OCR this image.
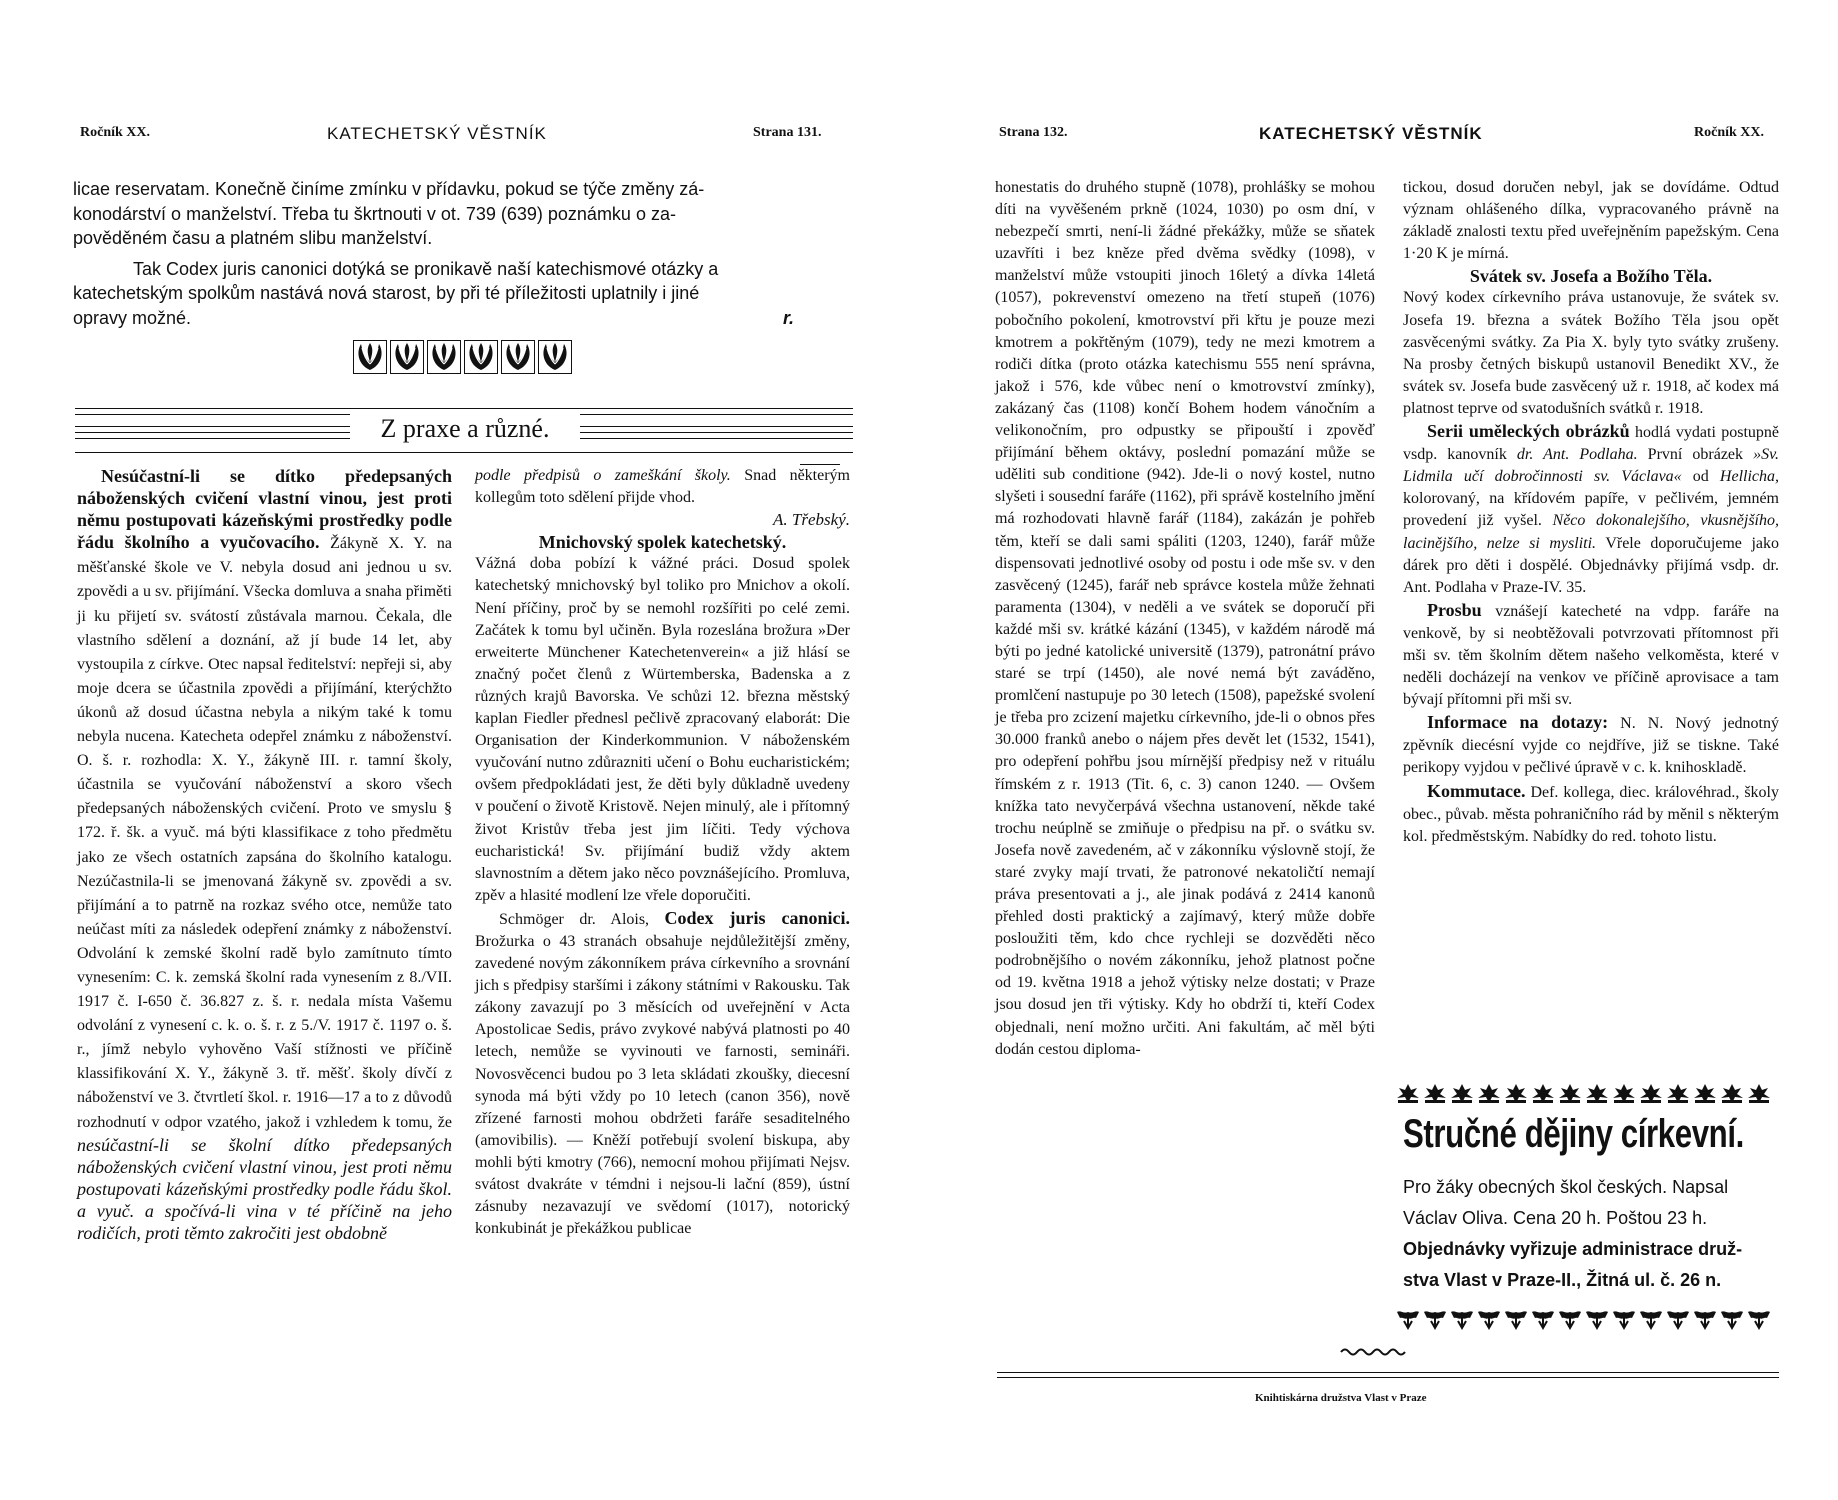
Ročník XX.	KATECHETSKÝ VĚSTNÍK	Strana 131.
licae reservatam. Konečně činíme zmínku v přídavku, pokud se týče změny zá-
konodárství o manželství. Třeba tu škrtnouti v ot. 739 (639) poznámku o za-
pověděném času a platném slibu manželství.
Tak Codex juris canonici dotýká se pronikavě naší katechismové otázky a
katechetským spolkům nastává nová starost, by při té příležitosti uplatnily i jiné
opravy možné.	r.
Z praxe a různé.

Nesúčastní-li se dítko předepsaných náboženských cvičení vlastní vinou, jest proti němu postupovati kázeňskými prostředky podle řádu školního a vyučovacího. Žákyně X. Y. na měšťanské škole ve V. nebyla dosud ani jednou u sv. zpovědi a u sv. přijímání. Všecka domluva a snaha přiměti ji ku přijetí sv. svátostí zůstávala marnou. Čekala, dle vlastního sdělení a doznání, až jí bude 14 let, aby vystoupila z církve. Otec napsal ředitelství: nepřeji si, aby moje dcera se účastnila zpovědi a přijímání, kterýchžto úkonů až dosud účastna nebyla a nikým také k tomu nebyla nucena. Katecheta odepřel známku z náboženství. O. š. r. rozhodla: X. Y., žákyně III. r. tamní školy, účastnila se vyučování náboženství a skoro všech předepsaných náboženských cvičení. Proto ve smyslu § 172. ř. šk. a vyuč. má býti klassifikace z toho předmětu jako ze všech ostatních zapsána do školního katalogu. Nezúčastnila-li se jmenovaná žákyně sv. zpovědi a sv. přijímání a to patrně na rozkaz svého otce, nemůže tato neúčast míti za následek odepření známky z náboženství. Odvolání k zemské školní radě bylo zamítnuto tímto vynesením: C. k. zemská školní rada vynesením z 8./VII. 1917 č. I-650 č. 36.827 z. š. r. nedala místa Vašemu odvolání z vynesení c. k. o. š. r. z 5./V. 1917 č. 1197 o. š. r., jímž nebylo vyhověno Vaší stížnosti ve příčině klassifikování X. Y., žákyně 3. tř. měšť. školy dívčí z náboženství ve 3. čtvrtletí škol. r. 1916—17 a to z důvodů rozhodnutí v odpor vzatého, jakož i vzhledem k tomu, že nesúčastní-li se školní dítko předepsaných náboženských cvičení vlastní vinou, jest proti němu postupovati kázeňskými prostředky podle řádu škol. a vyuč. a spočívá-li vina v té příčině na jeho rodičích, proti těmto zakročiti jest obdobně

podle předpisů o zameškání školy. Snad některým kollegům toto sdělení přijde vhod.

A. Třebský.
Mnichovský spolek katechetský.

Vážná doba pobízí k vážné práci. Dosud spolek katechetský mnichovský byl toliko pro Mnichov a okolí. Není příčiny, proč by se nemohl rozšířiti po celé zemi. Začátek k tomu byl učiněn. Byla rozeslána brožura »Der erweiterte Münchener Katechetenverein« a již hlásí se značný počet členů z Würtemberska, Badenska a z různých krajů Bavorska. Ve schůzi 12. března městský kaplan Fiedler přednesl pečlivě zpracovaný elaborát: Die Organisation der Kinderkommunion. V náboženském vyučování nutno zdůrazniti učení o Bohu eucharistickém; ovšem předpokládati jest, že děti byly důkladně uvedeny v poučení o životě Kristově. Nejen minulý, ale i přítomný život Kristův třeba jest jim líčiti. Tedy výchova eucharistická! Sv. přijímání budiž vždy aktem slavnostním a dětem jako něco povznášejícího. Promluva, zpěv a hlasité modlení lze vřele doporučiti.

Schmöger dr. Alois, Codex juris canonici. Brožurka o 43 stranách obsahuje nejdůležitější změny, zavedené novým zákonníkem práva církevního a srovnání jich s předpisy staršími i zákony státními v Rakousku. Tak zákony zavazují po 3 měsících od uveřejnění v Acta Apostolicae Sedis, právo zvykové nabývá platnosti po 40 letech, nemůže se vyvinouti ve farnosti, semináři. Novosvěcenci budou po 3 leta skládati zkoušky, diecesní synoda má býti vždy po 10 letech (canon 356), nově zřízené farnosti mohou obdržeti faráře sesaditelného (amovibilis). — Kněží potřebují svolení biskupa, aby mohli býti kmotry (766), nemocní mohou přijímati Nejsv. svátost dvakráte v témdni i nejsou-li lační (859), ústní zásnuby nezavazují ve svědomí (1017), notorický konkubinát je překážkou publicae

Strana 132.	KATECHETSKÝ VĚSTNÍK	Ročník XX.

honestatis do druhého stupně (1078), prohlášky se mohou díti na vyvěšeném prkně (1024, 1030) po osm dní, v nebezpečí smrti, není-li žádné překážky, může se sňatek uzavříti i bez kněze před dvěma svědky (1098), v manželství může vstoupiti jinoch 16letý a dívka 14letá (1057), pokrevenství omezeno na třetí stupeň (1076) pobočního pokolení, kmotrovství při křtu je pouze mezi kmotrem a pokřtěným (1079), tedy ne mezi kmotrem a rodiči dítka (proto otázka katechismu 555 není správna, jakož i 576, kde vůbec není o kmotrovství zmínky), zakázaný čas (1108) končí Bohem hodem vánočním a velikonočním, pro odpustky se připouští i zpověď přijímání během oktávy, poslední pomazání může se uděliti sub conditione (942). Jde-li o nový kostel, nutno slyšeti i sousední faráře (1162), při správě kostelního jmění má rozhodovati hlavně farář (1184), zakázán je pohřeb těm, kteří se dali sami spáliti (1203, 1240), farář může dispensovati jednotlivé osoby od postu i ode mše sv. v den zasvěcený (1245), farář neb správce kostela může žehnati paramenta (1304), v neděli a ve svátek se doporučí při každé mši sv. krátké kázání (1345), v každém národě má býti po jedné katolické universitě (1379), patronátní právo staré se trpí (1450), ale nové nemá být zaváděno, promlčení nastupuje po 30 letech (1508), papežské svolení je třeba pro zcizení majetku církevního, jde-li o obnos přes 30.000 franků anebo o nájem přes devět let (1532, 1541), pro odepření pohřbu jsou mírnější předpisy než v rituálu římském z r. 1913 (Tit. 6, c. 3) canon 1240. — Ovšem knížka tato nevyčerpává všechna ustanovení, někde také trochu neúplně se zmiňuje o předpisu na př. o svátku sv. Josefa nově zavedeném, ač v zákonníku výslovně stojí, že staré zvyky mají trvati, že patronové nekatoličtí nemají práva presentovati a j., ale jinak podává z 2414 kanonů přehled dosti praktický a zajímavý, který může dobře posloužiti těm, kdo chce rychleji se dozvěděti něco podrobnějšího o novém zákonníku, jehož platnost počne od 19. května 1918 a jehož výtisky nelze dostati; v Praze jsou dosud jen tři výtisky. Kdy ho obdrží ti, kteří Codex objednali, není možno určiti. Ani fakultám, ač měl býti dodán cestou diploma-

tickou, dosud doručen nebyl, jak se dovídáme. Odtud význam ohlášeného dílka, vypracovaného právně na základě znalosti textu před uveřejněním papežským. Cena 1·20 K je mírná.

Svátek sv. Josefa a Božího Těla.

Nový kodex církevního práva ustanovuje, že svátek sv. Josefa 19. března a svátek Božího Těla jsou opět zasvěcenými svátky. Za Pia X. byly tyto svátky zrušeny. Na prosby četných biskupů ustanovil Benedikt XV., že svátek sv. Josefa bude zasvěcený už r. 1918, ač kodex má platnost teprve od svatodušních svátků r. 1918.

Serii uměleckých obrázků hodlá vydati postupně vsdp. kanovník dr. Ant. Podlaha. První obrázek »Sv. Lidmila učí dobročinnosti sv. Václava« od Hellicha, kolorovaný, na křídovém papíře, v pečlivém, jemném provedení již vyšel. Něco dokonalejšího, vkusnějšího, lacinějšího, nelze si mysliti. Vřele doporučujeme jako dárek pro děti i dospělé. Objednávky přijímá vsdp. dr. Ant. Podlaha v Praze-IV. 35.

Prosbu vznášejí katecheté na vdpp. faráře na venkově, by si neobtěžovali potvrzovati přítomnost při mši sv. těm školním dětem našeho velkoměsta, které v neděli docházejí na venkov ve příčině aprovisace a tam bývají přítomni při mši sv.

Informace na dotazy: N. N. Nový jednotný zpěvník diecésní vyjde co nejdříve, již se tiskne. Také perikopy vyjdou v pečlivé úpravě v c. k. knihoskladě.

Kommutace. Def. kollega, diec. královéhrad., školy obec., půvab. města pohraničního rád by měnil s některým kol. předměstským. Nabídky do red. tohoto listu.

Stručné dějiny církevní.
Pro žáky obecných škol českých. Napsal
Václav Oliva. Cena 20 h. Poštou 23 h.
Objednávky vyřizuje administrace druž-
stva Vlast v Praze-II., Žitná ul. č. 26 n.
Knihtiskárna družstva Vlast v Praze
